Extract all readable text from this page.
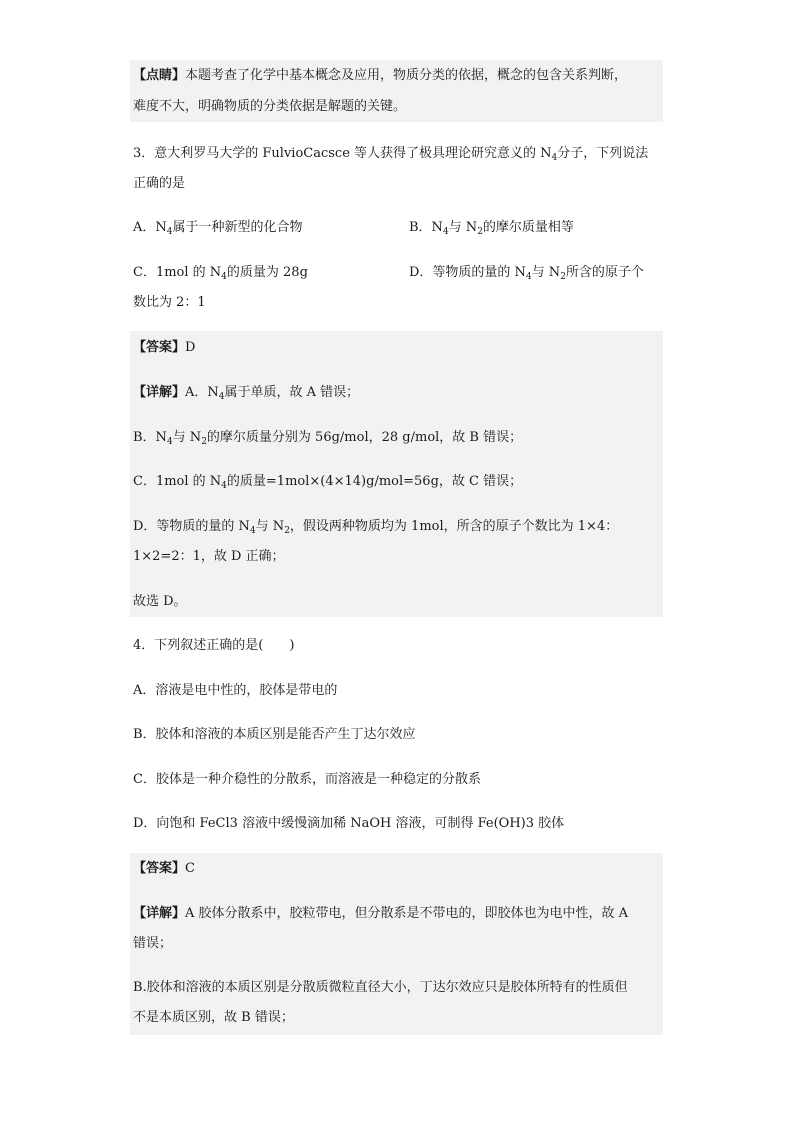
【点睛】本题考查了化学中基本概念及应用，物质分类的依据，概念的包含关系判断，
难度不大，明确物质的分类依据是解题的关键。
3．意大利罗马大学的 FulvioCacsce 等人获得了极具理论研究意义的 $N_4$分子，下列说法
正确的是
A．$N_4$属于一种新型的化合物	B．$N_4$与 $N_2$的摩尔质量相等
C．1mol 的 $N_4$的质量为 28g	D．等物质的量的 $N_4$与 $N_2$所含的原子个
数比为 2：1
【答案】D
【详解】A．$N_4$属于单质，故 A 错误；
B．$N_4$与 $N_2$的摩尔质量分别为 56g/mol，28 g/mol，故 B 错误；
C．1mol 的 $N_4$的质量=1mol×(4×14)g/mol=56g，故 C 错误；
D．等物质的量的 $N_4$与 $N_2$，假设两种物质均为 1mol，所含的原子个数比为 1×4：
1×2=2：1，故 D 正确；
故选 D。
4．下列叙述正确的是(　　)
A．溶液是电中性的，胶体是带电的
B．胶体和溶液的本质区别是能否产生丁达尔效应
C．胶体是一种介稳性的分散系，而溶液是一种稳定的分散系
D．向饱和 FeCl3 溶液中缓慢滴加稀 NaOH 溶液，可制得 Fe(OH)3 胶体
【答案】C
【详解】A 胶体分散系中，胶粒带电，但分散系是不带电的，即胶体也为电中性，故 A
错误；
B.胶体和溶液的本质区别是分散质微粒直径大小，丁达尔效应只是胶体所特有的性质但
不是本质区别，故 B 错误；
